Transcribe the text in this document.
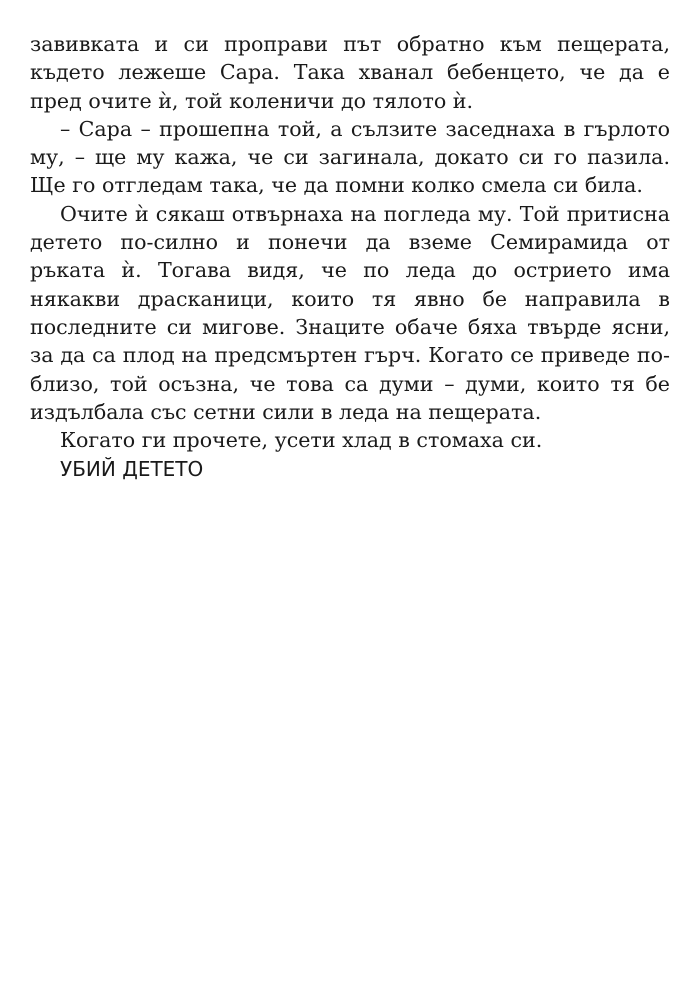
завивката и си проправи път обратно към пещерата, където лежеше Сара. Така хванал бебенцето, че да е пред очите ѝ, той коленичи до тялото ѝ.

– Сара – прошепна той, а сълзите заседнаха в гърлото му, – ще му кажа, че си загинала, докато си го пазила. Ще го отгледам така, че да помни колко смела си била.

Очите ѝ сякаш отвърнаха на погледа му. Той притисна детето по-силно и понечи да вземе Семирамида от ръката ѝ. Тогава видя, че по леда до острието има някакви драсканици, които тя явно бе направила в последните си мигове. Знаците обаче бяха твърде ясни, за да са плод на предсмъртен гърч. Когато се приведе по-близо, той осъзна, че това са думи – думи, които тя бе издълбала със сетни сили в леда на пещерата.

Когато ги прочете, усети хлад в стомаха си.

УБИЙ ДЕТЕТО
